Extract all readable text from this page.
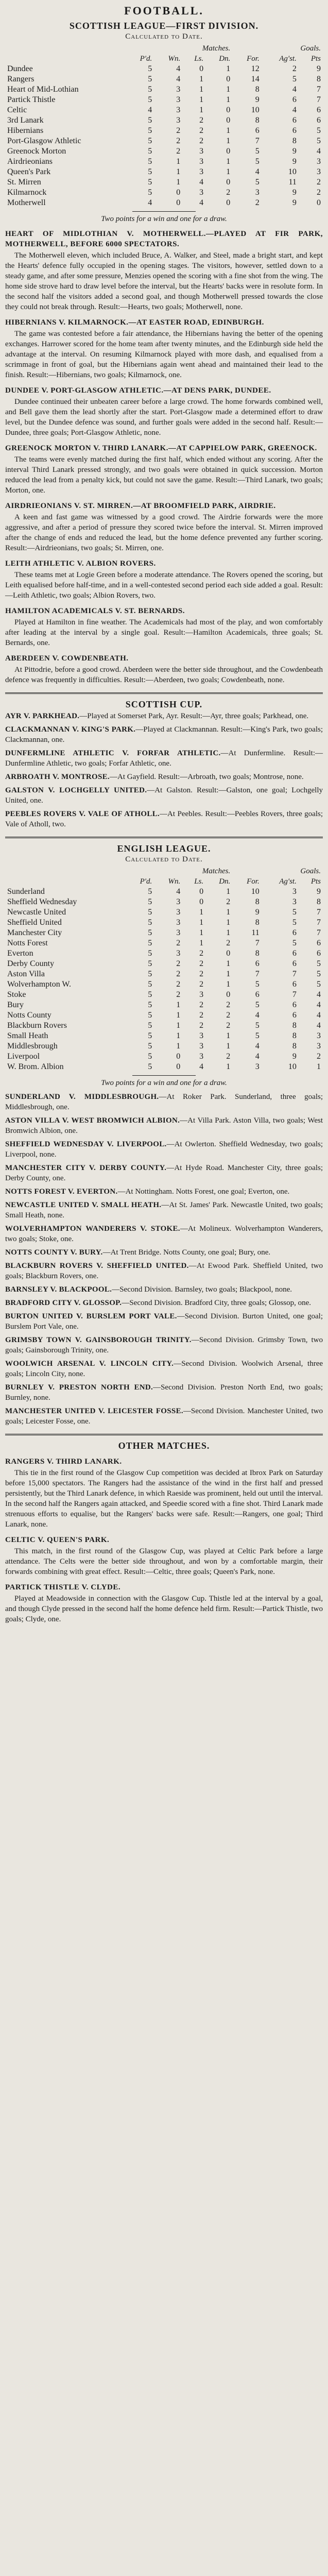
FOOTBALL.
SCOTTISH LEAGUE—FIRST DIVISION.
Calculated to Date.
	Matches.				Goals.		
	P'd.	Wn.	Ls.	Dn.	For.	Ag'st.	Pts
Dundee	5	4	0	1	12	2	9
Rangers	5	4	1	0	14	5	8
Heart of Mid-Lothian	5	3	1	1	8	4	7
Partick Thistle	5	3	1	1	9	6	7
Celtic	4	3	1	0	10	4	6
3rd Lanark	5	3	2	0	8	6	6
Hibernians	5	2	2	1	6	6	5
Port-Glasgow Athletic	5	2	2	1	7	8	5
Greenock Morton	5	2	3	0	5	9	4
Airdrieonians	5	1	3	1	5	9	3
Queen's Park	5	1	3	1	4	10	3
St. Mirren	5	1	4	0	5	11	2
Kilmarnock	5	0	3	2	3	9	2
Motherwell	4	0	4	0	2	9	0
Two points for a win and one for a draw.
HEART OF MIDLOTHIAN V. MOTHERWELL.—PLAYED AT FIR PARK, MOTHERWELL, BEFORE 6000 SPECTATORS.
The Motherwell eleven, which included Bruce, A. Walker, and Steel, made a bright start, and kept the Hearts' defence fully occupied in the opening stages. The visitors, however, settled down to a steady game, and after some pressure, Menzies opened the scoring with a fine shot from the wing. The home side strove hard to draw level before the interval, but the Hearts' backs were in resolute form. In the second half the visitors added a second goal, and though Motherwell pressed towards the close they could not break through. Result:—Hearts, two goals; Motherwell, none.
HIBERNIANS V. KILMARNOCK.—AT EASTER ROAD, EDINBURGH.
The game was contested before a fair attendance, the Hibernians having the better of the opening exchanges. Harrower scored for the home team after twenty minutes, and the Edinburgh side held the advantage at the interval. On resuming Kilmarnock played with more dash, and equalised from a scrimmage in front of goal, but the Hibernians again went ahead and maintained their lead to the finish. Result:—Hibernians, two goals; Kilmarnock, one.
DUNDEE V. PORT-GLASGOW ATHLETIC.—AT DENS PARK, DUNDEE.
Dundee continued their unbeaten career before a large crowd. The home forwards combined well, and Bell gave them the lead shortly after the start. Port-Glasgow made a determined effort to draw level, but the Dundee defence was sound, and further goals were added in the second half. Result:—Dundee, three goals; Port-Glasgow Athletic, none.
GREENOCK MORTON V. THIRD LANARK.—AT CAPPIELOW PARK, GREENOCK.
The teams were evenly matched during the first half, which ended without any scoring. After the interval Third Lanark pressed strongly, and two goals were obtained in quick succession. Morton reduced the lead from a penalty kick, but could not save the game. Result:—Third Lanark, two goals; Morton, one.
AIRDRIEONIANS V. ST. MIRREN.—AT BROOMFIELD PARK, AIRDRIE.
A keen and fast game was witnessed by a good crowd. The Airdrie forwards were the more aggressive, and after a period of pressure they scored twice before the interval. St. Mirren improved after the change of ends and reduced the lead, but the home defence prevented any further scoring. Result:—Airdrieonians, two goals; St. Mirren, one.
LEITH ATHLETIC V. ALBION ROVERS.
These teams met at Logie Green before a moderate attendance. The Rovers opened the scoring, but Leith equalised before half-time, and in a well-contested second period each side added a goal. Result:—Leith Athletic, two goals; Albion Rovers, two.
HAMILTON ACADEMICALS V. ST. BERNARDS.
Played at Hamilton in fine weather. The Academicals had most of the play, and won comfortably after leading at the interval by a single goal. Result:—Hamilton Academicals, three goals; St. Bernards, one.
ABERDEEN V. COWDENBEATH.
At Pittodrie, before a good crowd. Aberdeen were the better side throughout, and the Cowdenbeath defence was frequently in difficulties. Result:—Aberdeen, two goals; Cowdenbeath, none.
SCOTTISH CUP.
AYR V. PARKHEAD.—Played at Somerset Park, Ayr. Result:—Ayr, three goals; Parkhead, one.
CLACKMANNAN V. KING'S PARK.—Played at Clackmannan. Result:—King's Park, two goals; Clackmannan, one.
DUNFERMLINE ATHLETIC V. FORFAR ATHLETIC.—At Dunfermline. Result:—Dunfermline Athletic, two goals; Forfar Athletic, one.
ARBROATH V. MONTROSE.—At Gayfield. Result:—Arbroath, two goals; Montrose, none.
GALSTON V. LOCHGELLY UNITED.—At Galston. Result:—Galston, one goal; Lochgelly United, one.
PEEBLES ROVERS V. VALE OF ATHOLL.—At Peebles. Result:—Peebles Rovers, three goals; Vale of Atholl, two.
ENGLISH LEAGUE.
Calculated to Date.
	Matches.				Goals.		
	P'd.	Wn.	Ls.	Dn.	For.	Ag'st.	Pts
Sunderland	5	4	0	1	10	3	9
Sheffield Wednesday	5	3	0	2	8	3	8
Newcastle United	5	3	1	1	9	5	7
Sheffield United	5	3	1	1	8	5	7
Manchester City	5	3	1	1	11	6	7
Notts Forest	5	2	1	2	7	5	6
Everton	5	3	2	0	8	6	6
Derby County	5	2	2	1	6	6	5
Aston Villa	5	2	2	1	7	7	5
Wolverhampton W.	5	2	2	1	5	6	5
Stoke	5	2	3	0	6	7	4
Bury	5	1	2	2	5	6	4
Notts County	5	1	2	2	4	6	4
Blackburn Rovers	5	1	2	2	5	8	4
Small Heath	5	1	3	1	5	8	3
Middlesbrough	5	1	3	1	4	8	3
Liverpool	5	0	3	2	4	9	2
W. Brom. Albion	5	0	4	1	3	10	1
Two points for a win and one for a draw.
SUNDERLAND V. MIDDLESBROUGH.—At Roker Park. Sunderland, three goals; Middlesbrough, one.
ASTON VILLA V. WEST BROMWICH ALBION.—At Villa Park. Aston Villa, two goals; West Bromwich Albion, one.
SHEFFIELD WEDNESDAY V. LIVERPOOL.—At Owlerton. Sheffield Wednesday, two goals; Liverpool, none.
MANCHESTER CITY V. DERBY COUNTY.—At Hyde Road. Manchester City, three goals; Derby County, one.
NOTTS FOREST V. EVERTON.—At Nottingham. Notts Forest, one goal; Everton, one.
NEWCASTLE UNITED V. SMALL HEATH.—At St. James' Park. Newcastle United, two goals; Small Heath, none.
WOLVERHAMPTON WANDERERS V. STOKE.—At Molineux. Wolverhampton Wanderers, two goals; Stoke, one.
NOTTS COUNTY V. BURY.—At Trent Bridge. Notts County, one goal; Bury, one.
BLACKBURN ROVERS V. SHEFFIELD UNITED.—At Ewood Park. Sheffield United, two goals; Blackburn Rovers, one.
BARNSLEY V. BLACKPOOL.—Second Division. Barnsley, two goals; Blackpool, none.
BRADFORD CITY V. GLOSSOP.—Second Division. Bradford City, three goals; Glossop, one.
BURTON UNITED V. BURSLEM PORT VALE.—Second Division. Burton United, one goal; Burslem Port Vale, one.
GRIMSBY TOWN V. GAINSBOROUGH TRINITY.—Second Division. Grimsby Town, two goals; Gainsborough Trinity, one.
WOOLWICH ARSENAL V. LINCOLN CITY.—Second Division. Woolwich Arsenal, three goals; Lincoln City, none.
BURNLEY V. PRESTON NORTH END.—Second Division. Preston North End, two goals; Burnley, none.
MANCHESTER UNITED V. LEICESTER FOSSE.—Second Division. Manchester United, two goals; Leicester Fosse, one.
OTHER MATCHES.
RANGERS V. THIRD LANARK.
This tie in the first round of the Glasgow Cup competition was decided at Ibrox Park on Saturday before 15,000 spectators. The Rangers had the assistance of the wind in the first half and pressed persistently, but the Third Lanark defence, in which Raeside was prominent, held out until the interval. In the second half the Rangers again attacked, and Speedie scored with a fine shot. Third Lanark made strenuous efforts to equalise, but the Rangers' backs were safe. Result:—Rangers, one goal; Third Lanark, none.
CELTIC V. QUEEN'S PARK.
This match, in the first round of the Glasgow Cup, was played at Celtic Park before a large attendance. The Celts were the better side throughout, and won by a comfortable margin, their forwards combining with great effect. Result:—Celtic, three goals; Queen's Park, none.
PARTICK THISTLE V. CLYDE.
Played at Meadowside in connection with the Glasgow Cup. Thistle led at the interval by a goal, and though Clyde pressed in the second half the home defence held firm. Result:—Partick Thistle, two goals; Clyde, one.
